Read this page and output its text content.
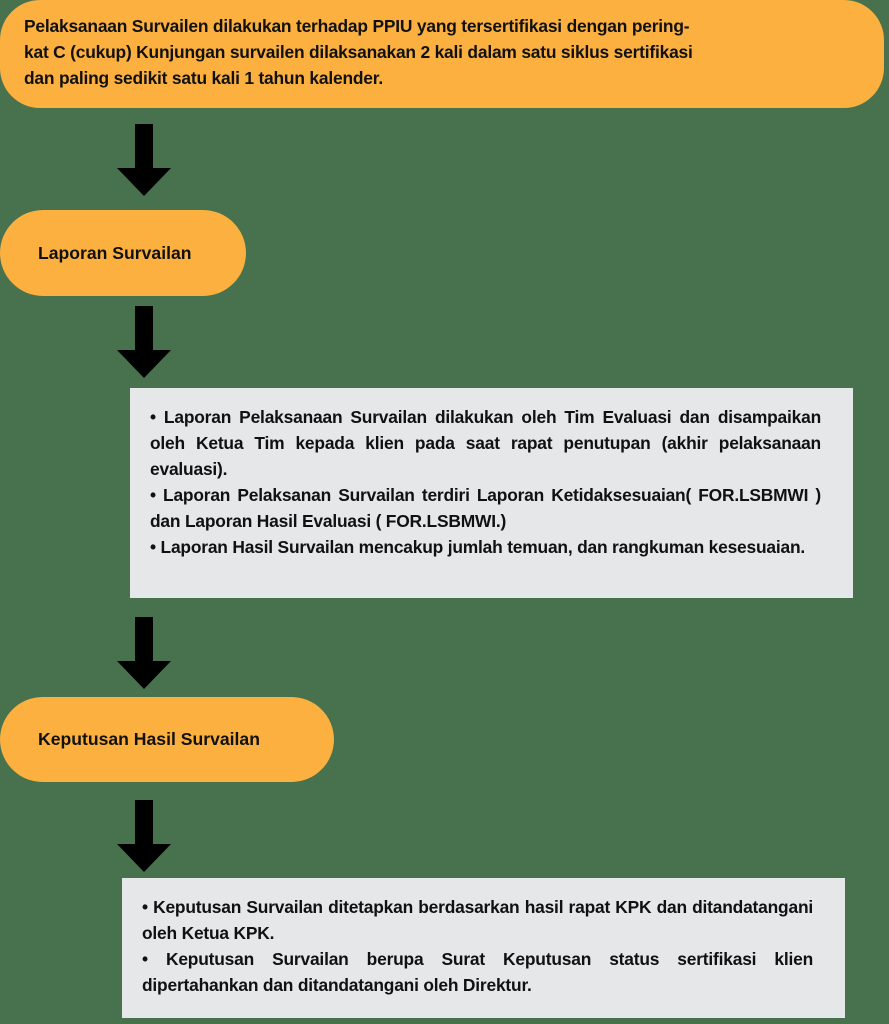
Pelaksanaan Survailen dilakukan terhadap PPIU yang tersertifikasi dengan pering-
kat C (cukup) Kunjungan survailen dilaksanakan 2 kali dalam satu siklus sertifikasi
dan paling sedikit satu kali 1 tahun kalender.
Laporan Survailan

• Laporan Pelaksanaan Survailan dilakukan oleh Tim Evaluasi dan disampaikan oleh Ketua Tim kepada klien pada saat rapat penutupan (akhir pelaksanaan evaluasi).

• Laporan Pelaksanan Survailan terdiri Laporan Ketidaksesuaian( FOR.LSBMWI ) dan Laporan Hasil Evaluasi ( FOR.LSBMWI.)

• Laporan Hasil Survailan mencakup jumlah temuan, dan rangkuman kesesuaian.

Keputusan Hasil Survailan

• Keputusan Survailan ditetapkan berdasarkan hasil rapat KPK dan ditandatangani oleh Ketua KPK.

• Keputusan Survailan berupa Surat Keputusan status sertifikasi klien dipertahankan dan ditandatangani oleh Direktur.
